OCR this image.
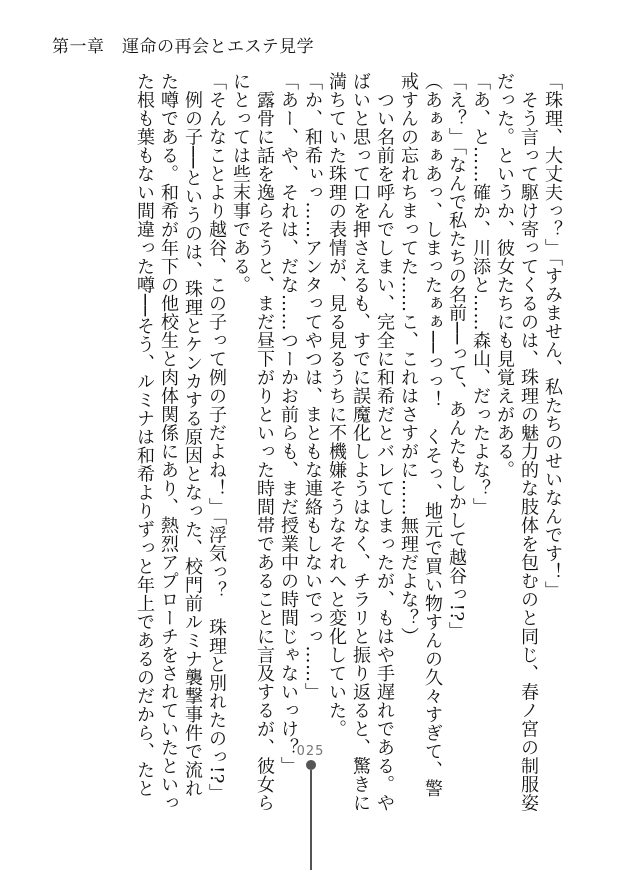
第一章　運命の再会とエステ見学
「珠理、大丈夫っ？」「すみません、私たちのせいなんです！」
　そう言って駆け寄ってくるのは、珠理の魅力的な肢体を包むのと同じ、春ノ宮の制服姿
だった。というか、彼女たちにも見覚えがある。
「あ、と……確か、川添と……森山、だったよな？」
「え？」「なんで私たちの名前──って、あんたもしかして越谷っ!?」
（あぁぁぁあっ、しまったぁぁ──っっ！　くそっ、地元で買い物すんの久々すぎて、警
戒すんの忘れちまってた……こ、これはさすがに……無理だよな？）
　つい名前を呼んでしまい、完全に和希だとバレてしまったが、もはや手遅れである。や
ばいと思って口を押さえるも、すでに誤魔化しようはなく、チラリと振り返ると、驚きに
満ちていた珠理の表情が、見る見るうちに不機嫌そうなそれへと変化していた。
「か、和希ぃっ……アンタってやつは、まともな連絡もしないでっっ……」
「あー、や、それは、だな……つーかお前らも、まだ授業中の時間じゃないっけ？」
　露骨に話を逸らそうと、まだ昼下がりといった時間帯であることに言及するが、彼女ら
にとっては些末事である。
「そんなことより越谷、この子って例の子だよね！」「浮気っ？　珠理と別れたのっ!?」
　例の子──というのは、珠理とケンカする原因となった、校門前ルミナ襲撃事件で流れ
た噂である。和希が年下の他校生と肉体関係にあり、熱烈アプローチをされていたといっ
た根も葉もない間違った噂──そう、ルミナは和希よりずっと年上であるのだから、たと	025
